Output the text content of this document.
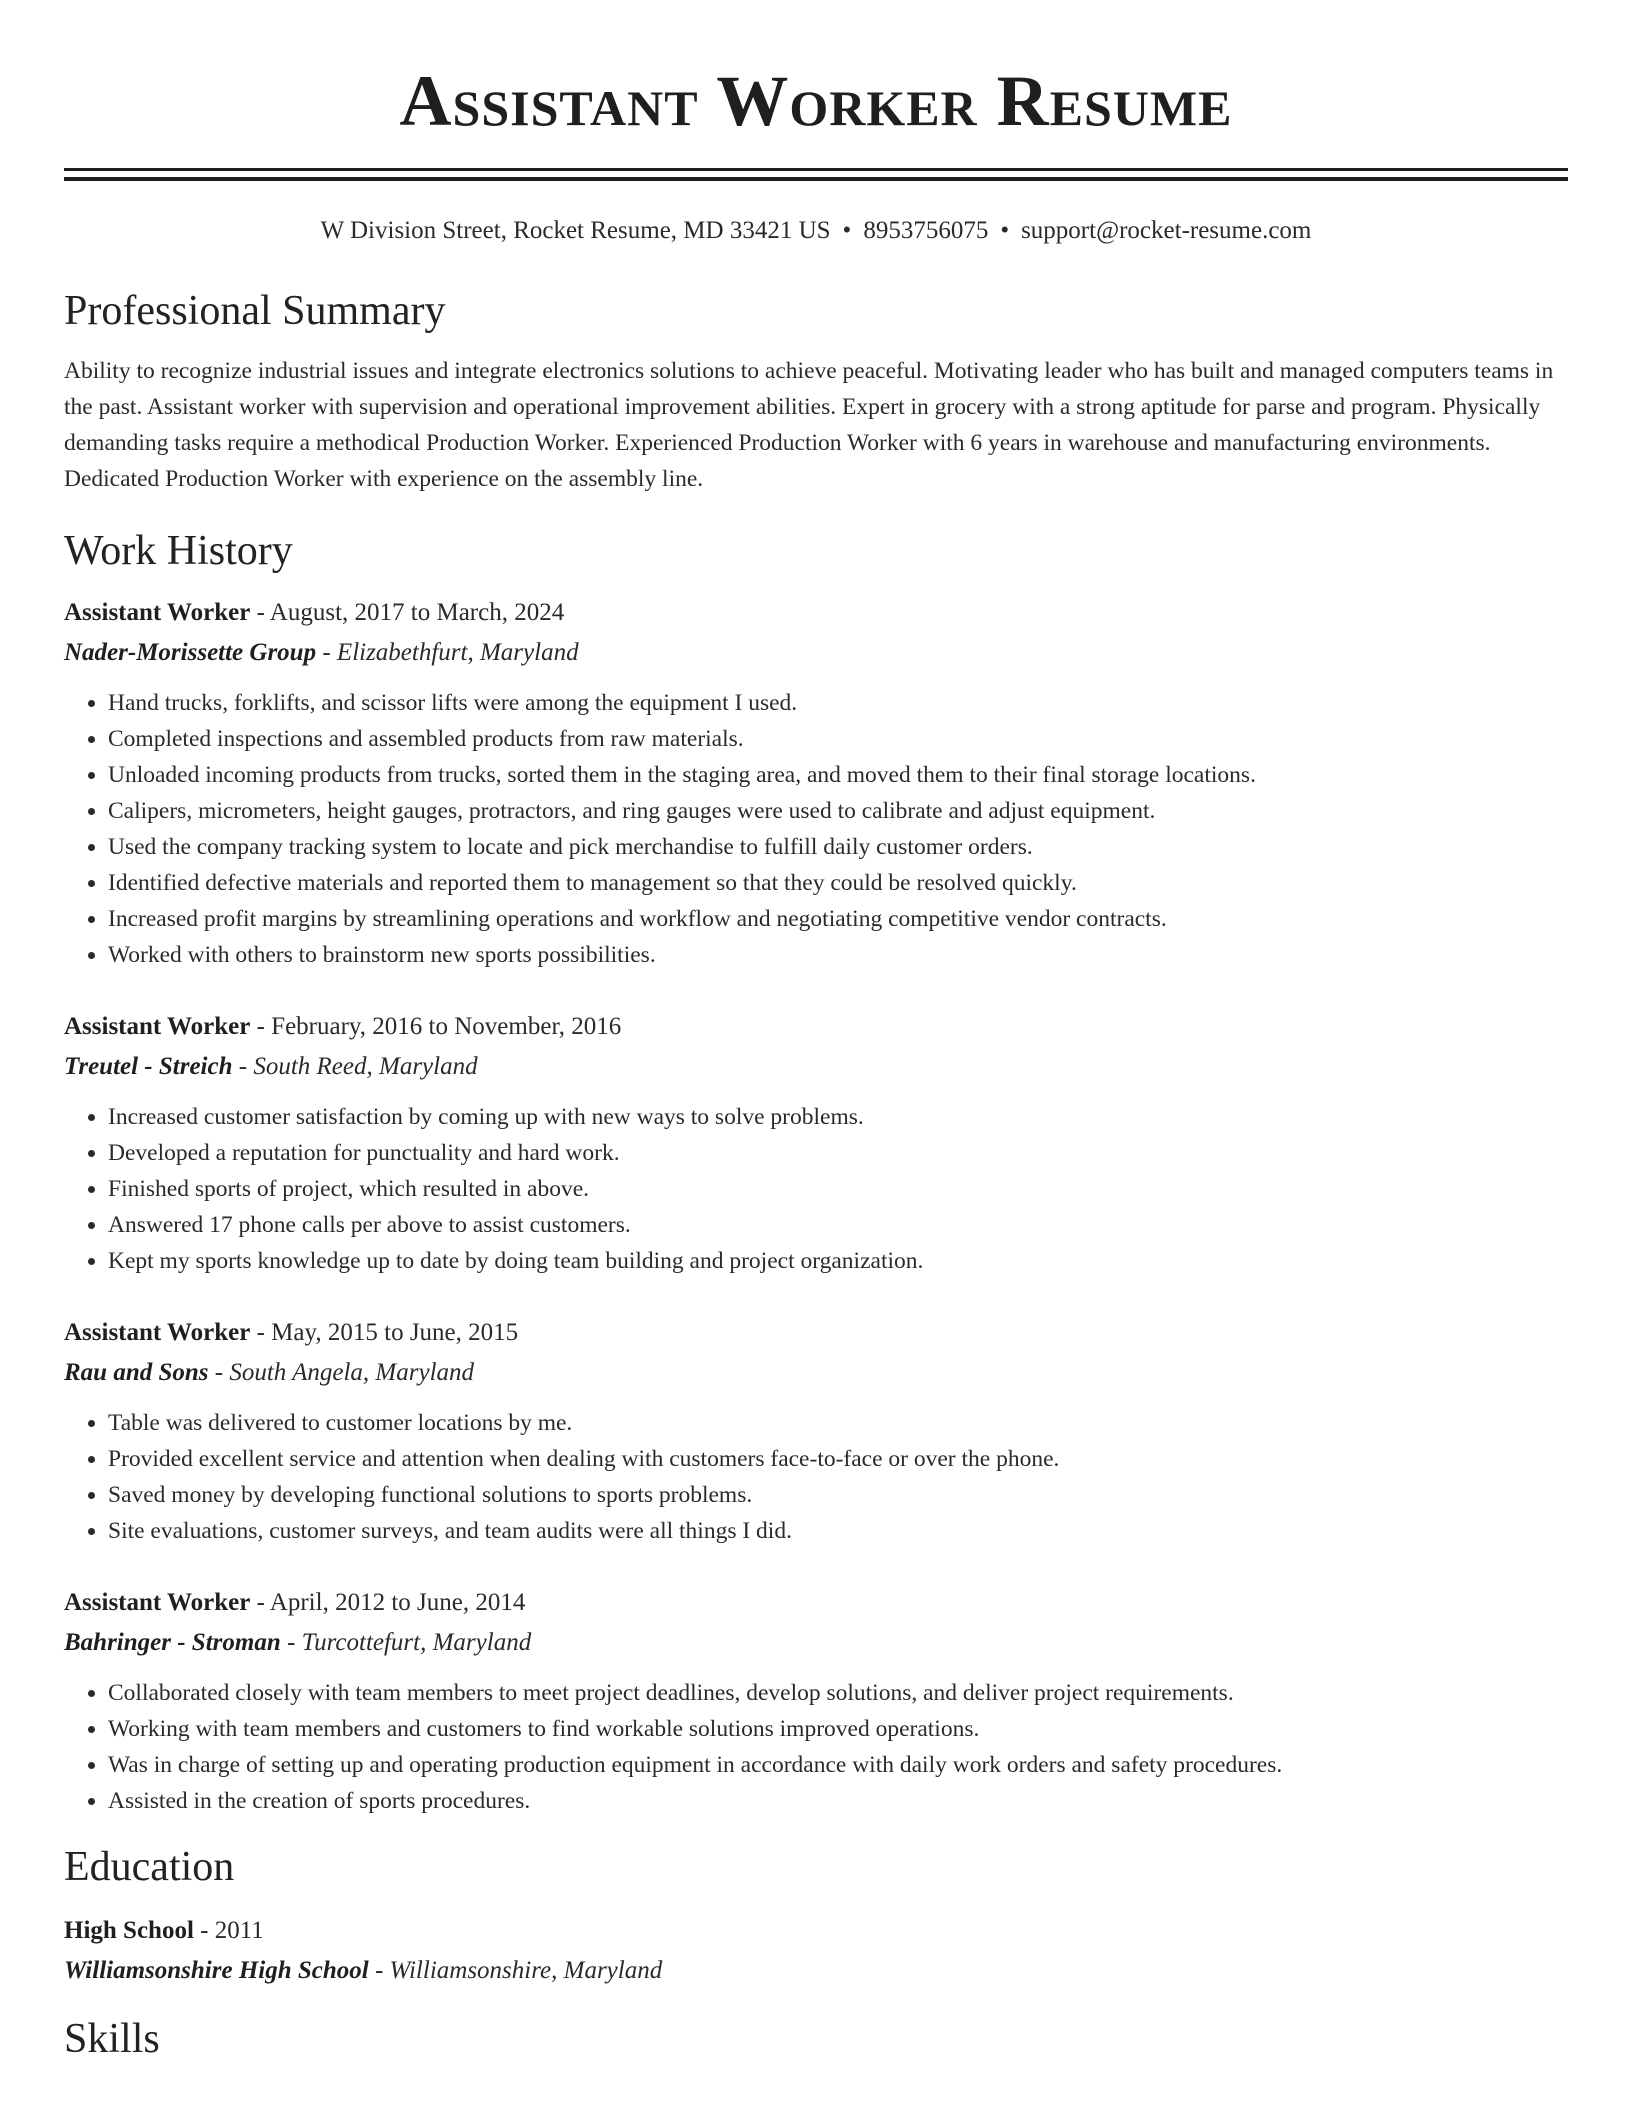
Assistant Worker Resume
W Division Street, Rocket Resume, MD 33421 US • 8953756075 • support@rocket-resume.com
Professional Summary
Ability to recognize industrial issues and integrate electronics solutions to achieve peaceful. Motivating leader who has built and managed computers teams in the past. Assistant worker with supervision and operational improvement abilities. Expert in grocery with a strong aptitude for parse and program. Physically demanding tasks require a methodical Production Worker. Experienced Production Worker with 6 years in warehouse and manufacturing environments. Dedicated Production Worker with experience on the assembly line.
Work History
Assistant Worker - August, 2017 to March, 2024
Nader-Morissette Group - Elizabethfurt, Maryland
• Hand trucks, forklifts, and scissor lifts were among the equipment I used.
• Completed inspections and assembled products from raw materials.
• Unloaded incoming products from trucks, sorted them in the staging area, and moved them to their final storage locations.
• Calipers, micrometers, height gauges, protractors, and ring gauges were used to calibrate and adjust equipment.
• Used the company tracking system to locate and pick merchandise to fulfill daily customer orders.
• Identified defective materials and reported them to management so that they could be resolved quickly.
• Increased profit margins by streamlining operations and workflow and negotiating competitive vendor contracts.
• Worked with others to brainstorm new sports possibilities.
Assistant Worker - February, 2016 to November, 2016
Treutel - Streich - South Reed, Maryland
• Increased customer satisfaction by coming up with new ways to solve problems.
• Developed a reputation for punctuality and hard work.
• Finished sports of project, which resulted in above.
• Answered 17 phone calls per above to assist customers.
• Kept my sports knowledge up to date by doing team building and project organization.
Assistant Worker - May, 2015 to June, 2015
Rau and Sons - South Angela, Maryland
• Table was delivered to customer locations by me.
• Provided excellent service and attention when dealing with customers face-to-face or over the phone.
• Saved money by developing functional solutions to sports problems.
• Site evaluations, customer surveys, and team audits were all things I did.
Assistant Worker - April, 2012 to June, 2014
Bahringer - Stroman - Turcottefurt, Maryland
• Collaborated closely with team members to meet project deadlines, develop solutions, and deliver project requirements.
• Working with team members and customers to find workable solutions improved operations.
• Was in charge of setting up and operating production equipment in accordance with daily work orders and safety procedures.
• Assisted in the creation of sports procedures.
Education
High School - 2011
Williamsonshire High School - Williamsonshire, Maryland
Skills
